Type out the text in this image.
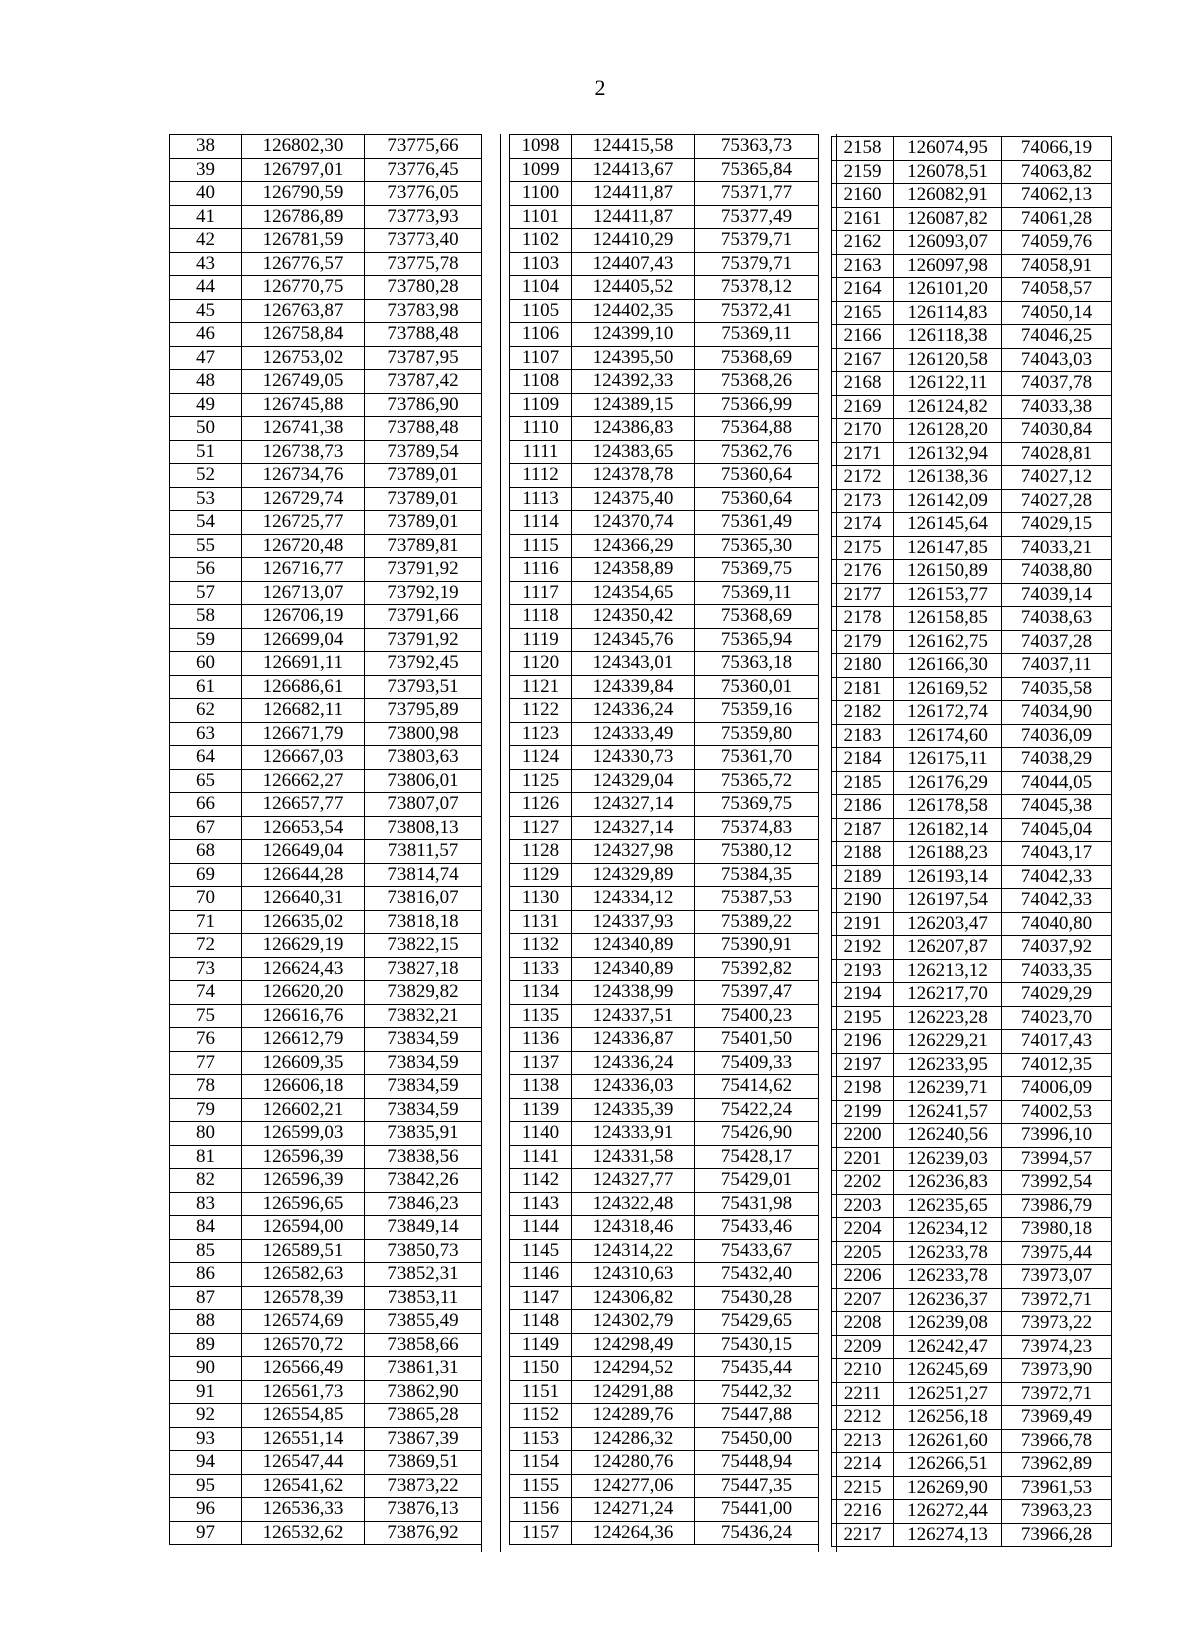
2
38	126802,30	73775,66
39	126797,01	73776,45
40	126790,59	73776,05
41	126786,89	73773,93
42	126781,59	73773,40
43	126776,57	73775,78
44	126770,75	73780,28
45	126763,87	73783,98
46	126758,84	73788,48
47	126753,02	73787,95
48	126749,05	73787,42
49	126745,88	73786,90
50	126741,38	73788,48
51	126738,73	73789,54
52	126734,76	73789,01
53	126729,74	73789,01
54	126725,77	73789,01
55	126720,48	73789,81
56	126716,77	73791,92
57	126713,07	73792,19
58	126706,19	73791,66
59	126699,04	73791,92
60	126691,11	73792,45
61	126686,61	73793,51
62	126682,11	73795,89
63	126671,79	73800,98
64	126667,03	73803,63
65	126662,27	73806,01
66	126657,77	73807,07
67	126653,54	73808,13
68	126649,04	73811,57
69	126644,28	73814,74
70	126640,31	73816,07
71	126635,02	73818,18
72	126629,19	73822,15
73	126624,43	73827,18
74	126620,20	73829,82
75	126616,76	73832,21
76	126612,79	73834,59
77	126609,35	73834,59
78	126606,18	73834,59
79	126602,21	73834,59
80	126599,03	73835,91
81	126596,39	73838,56
82	126596,39	73842,26
83	126596,65	73846,23
84	126594,00	73849,14
85	126589,51	73850,73
86	126582,63	73852,31
87	126578,39	73853,11
88	126574,69	73855,49
89	126570,72	73858,66
90	126566,49	73861,31
91	126561,73	73862,90
92	126554,85	73865,28
93	126551,14	73867,39
94	126547,44	73869,51
95	126541,62	73873,22
96	126536,33	73876,13
97	126532,62	73876,92
1098	124415,58	75363,73
1099	124413,67	75365,84
1100	124411,87	75371,77
1101	124411,87	75377,49
1102	124410,29	75379,71
1103	124407,43	75379,71
1104	124405,52	75378,12
1105	124402,35	75372,41
1106	124399,10	75369,11
1107	124395,50	75368,69
1108	124392,33	75368,26
1109	124389,15	75366,99
1110	124386,83	75364,88
1111	124383,65	75362,76
1112	124378,78	75360,64
1113	124375,40	75360,64
1114	124370,74	75361,49
1115	124366,29	75365,30
1116	124358,89	75369,75
1117	124354,65	75369,11
1118	124350,42	75368,69
1119	124345,76	75365,94
1120	124343,01	75363,18
1121	124339,84	75360,01
1122	124336,24	75359,16
1123	124333,49	75359,80
1124	124330,73	75361,70
1125	124329,04	75365,72
1126	124327,14	75369,75
1127	124327,14	75374,83
1128	124327,98	75380,12
1129	124329,89	75384,35
1130	124334,12	75387,53
1131	124337,93	75389,22
1132	124340,89	75390,91
1133	124340,89	75392,82
1134	124338,99	75397,47
1135	124337,51	75400,23
1136	124336,87	75401,50
1137	124336,24	75409,33
1138	124336,03	75414,62
1139	124335,39	75422,24
1140	124333,91	75426,90
1141	124331,58	75428,17
1142	124327,77	75429,01
1143	124322,48	75431,98
1144	124318,46	75433,46
1145	124314,22	75433,67
1146	124310,63	75432,40
1147	124306,82	75430,28
1148	124302,79	75429,65
1149	124298,49	75430,15
1150	124294,52	75435,44
1151	124291,88	75442,32
1152	124289,76	75447,88
1153	124286,32	75450,00
1154	124280,76	75448,94
1155	124277,06	75447,35
1156	124271,24	75441,00
1157	124264,36	75436,24
2158	126074,95	74066,19
2159	126078,51	74063,82
2160	126082,91	74062,13
2161	126087,82	74061,28
2162	126093,07	74059,76
2163	126097,98	74058,91
2164	126101,20	74058,57
2165	126114,83	74050,14
2166	126118,38	74046,25
2167	126120,58	74043,03
2168	126122,11	74037,78
2169	126124,82	74033,38
2170	126128,20	74030,84
2171	126132,94	74028,81
2172	126138,36	74027,12
2173	126142,09	74027,28
2174	126145,64	74029,15
2175	126147,85	74033,21
2176	126150,89	74038,80
2177	126153,77	74039,14
2178	126158,85	74038,63
2179	126162,75	74037,28
2180	126166,30	74037,11
2181	126169,52	74035,58
2182	126172,74	74034,90
2183	126174,60	74036,09
2184	126175,11	74038,29
2185	126176,29	74044,05
2186	126178,58	74045,38
2187	126182,14	74045,04
2188	126188,23	74043,17
2189	126193,14	74042,33
2190	126197,54	74042,33
2191	126203,47	74040,80
2192	126207,87	74037,92
2193	126213,12	74033,35
2194	126217,70	74029,29
2195	126223,28	74023,70
2196	126229,21	74017,43
2197	126233,95	74012,35
2198	126239,71	74006,09
2199	126241,57	74002,53
2200	126240,56	73996,10
2201	126239,03	73994,57
2202	126236,83	73992,54
2203	126235,65	73986,79
2204	126234,12	73980,18
2205	126233,78	73975,44
2206	126233,78	73973,07
2207	126236,37	73972,71
2208	126239,08	73973,22
2209	126242,47	73974,23
2210	126245,69	73973,90
2211	126251,27	73972,71
2212	126256,18	73969,49
2213	126261,60	73966,78
2214	126266,51	73962,89
2215	126269,90	73961,53
2216	126272,44	73963,23
2217	126274,13	73966,28
